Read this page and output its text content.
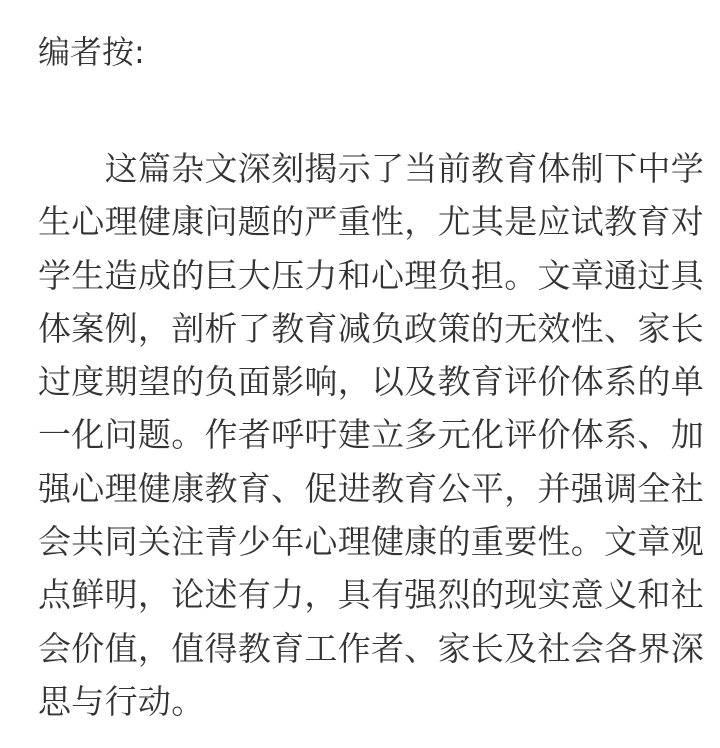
编者按:
　　这篇杂文深刻揭示了当前教育体制下中学
生心理健康问题的严重性，尤其是应试教育对
学生造成的巨大压力和心理负担。文章通过具
体案例，剖析了教育减负政策的无效性、家长
过度期望的负面影响，以及教育评价体系的单
一化问题。作者呼吁建立多元化评价体系、加
强心理健康教育、促进教育公平，并强调全社
会共同关注青少年心理健康的重要性。文章观
点鲜明，论述有力，具有强烈的现实意义和社
会价值，值得教育工作者、家长及社会各界深
思与行动。
